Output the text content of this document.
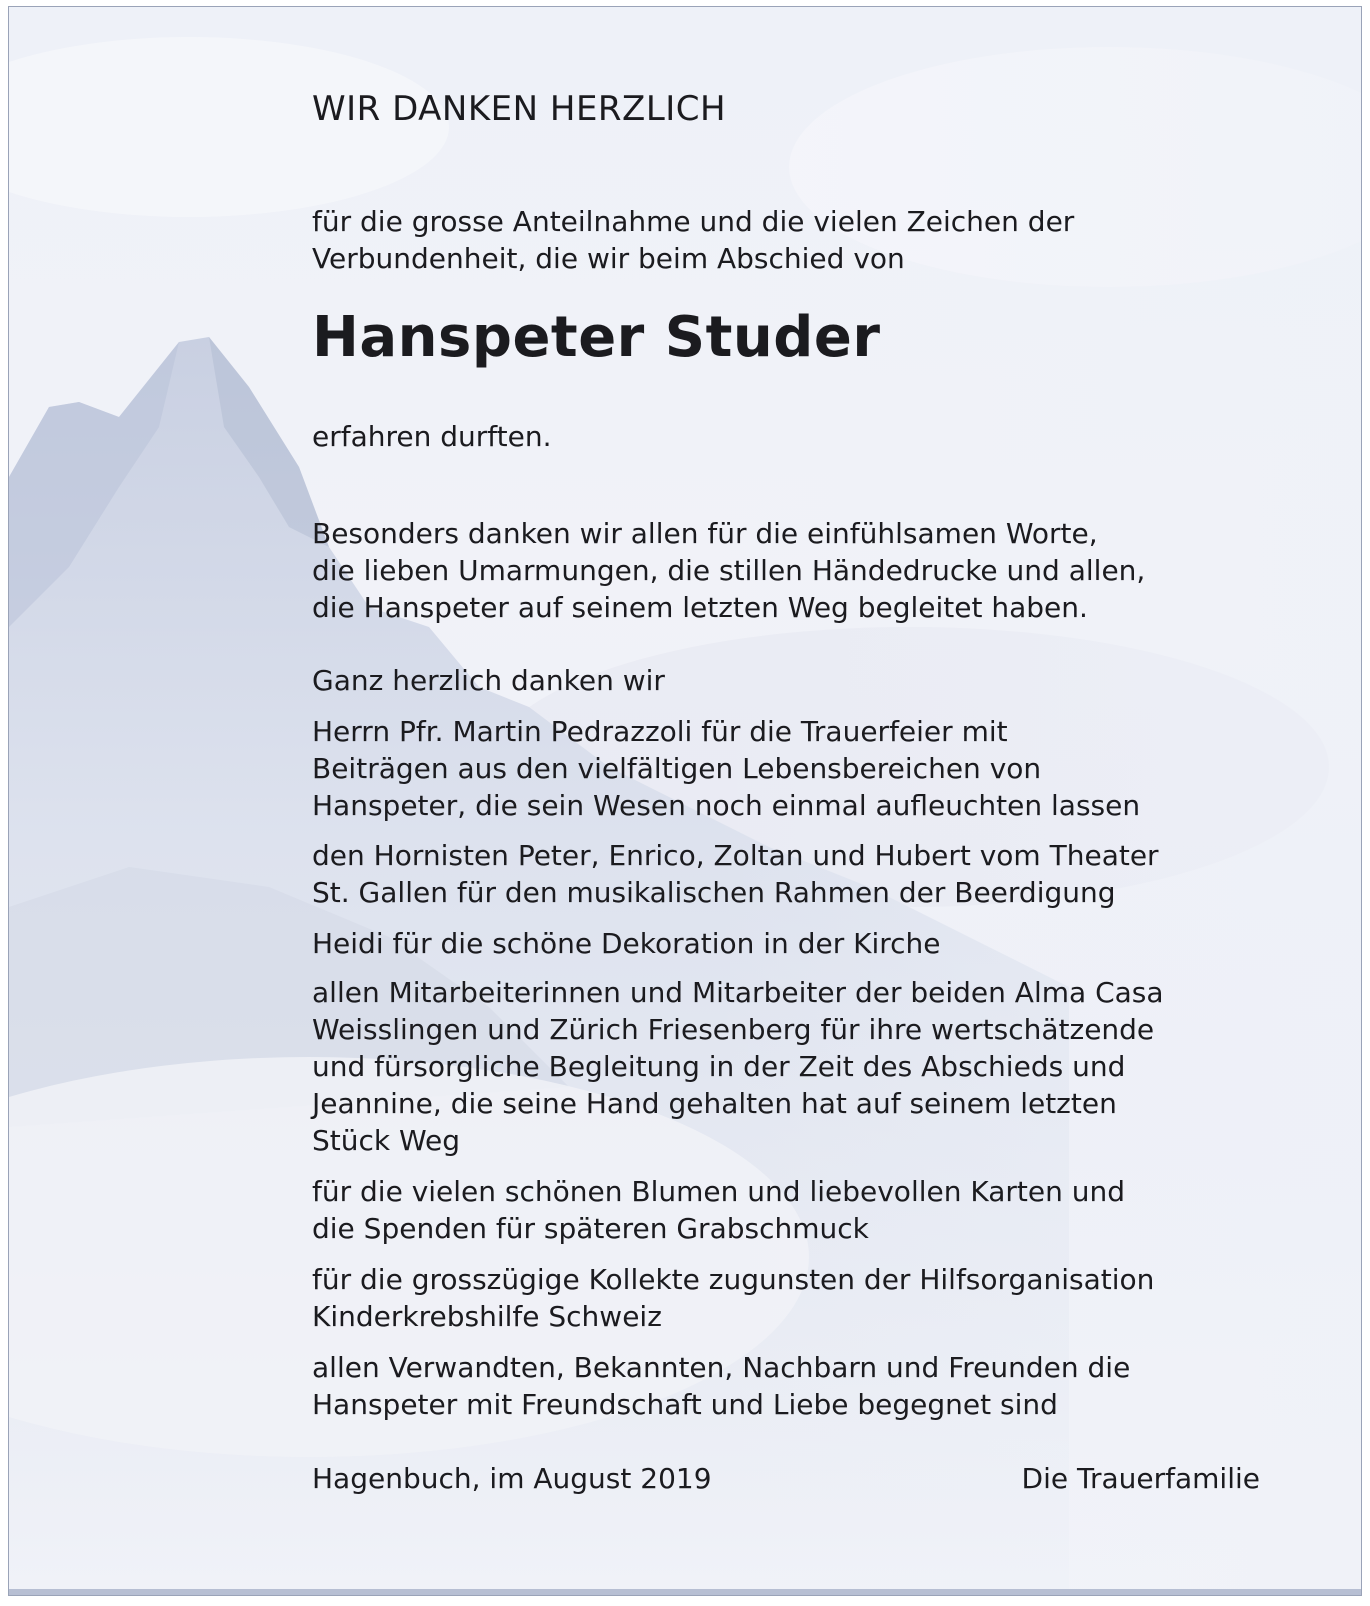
WIR DANKEN HERZLICH
für die grosse Anteilnahme und die vielen Zeichen der
Verbundenheit, die wir beim Abschied von
Hanspeter Studer
erfahren durften.
Besonders danken wir allen für die einfühlsamen Worte,
die lieben Umarmungen, die stillen Händedrucke und allen,
die Hanspeter auf seinem letzten Weg begleitet haben.
Ganz herzlich danken wir
Herrn Pfr. Martin Pedrazzoli für die Trauerfeier mit
Beiträgen aus den vielfältigen Lebensbereichen von
Hanspeter, die sein Wesen noch einmal aufleuchten lassen
den Hornisten Peter, Enrico, Zoltan und Hubert vom Theater
St. Gallen für den musikalischen Rahmen der Beerdigung
Heidi für die schöne Dekoration in der Kirche
allen Mitarbeiterinnen und Mitarbeiter der beiden Alma Casa
Weisslingen und Zürich Friesenberg für ihre wertschätzende
und fürsorgliche Begleitung in der Zeit des Abschieds und
Jeannine, die seine Hand gehalten hat auf seinem letzten
Stück Weg
für die vielen schönen Blumen und liebevollen Karten und
die Spenden für späteren Grabschmuck
für die grosszügige Kollekte zugunsten der Hilfsorganisation
Kinderkrebshilfe Schweiz
allen Verwandten, Bekannten, Nachbarn und Freunden die
Hanspeter mit Freundschaft und Liebe begegnet sind
Hagenbuch, im August 2019	Die Trauerfamilie
